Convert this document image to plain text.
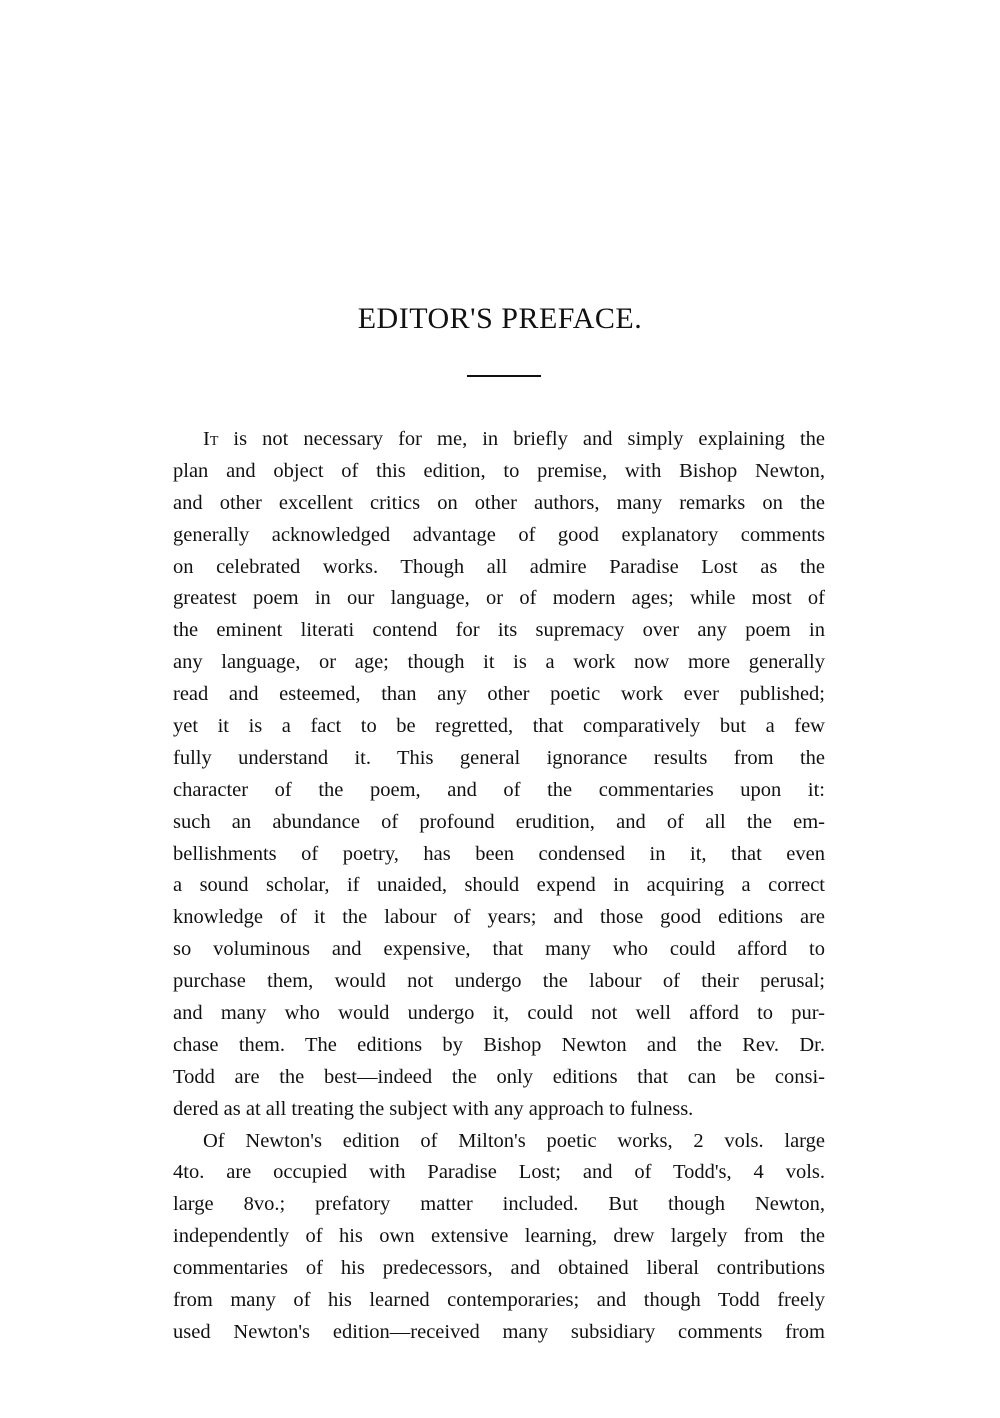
EDITOR'S PREFACE.
It is not necessary for me, in briefly and simply explaining the
plan and object of this edition, to premise, with Bishop Newton,
and other excellent critics on other authors, many remarks on the
generally acknowledged advantage of good explanatory comments
on celebrated works. Though all admire Paradise Lost as the
greatest poem in our language, or of modern ages; while most of
the eminent literati contend for its supremacy over any poem in
any language, or age; though it is a work now more generally
read and esteemed, than any other poetic work ever published;
yet it is a fact to be regretted, that comparatively but a few
fully understand it. This general ignorance results from the
character of the poem, and of the commentaries upon it:
such an abundance of profound erudition, and of all the em-
bellishments of poetry, has been condensed in it, that even
a sound scholar, if unaided, should expend in acquiring a correct
knowledge of it the labour of years; and those good editions are
so voluminous and expensive, that many who could afford to
purchase them, would not undergo the labour of their perusal;
and many who would undergo it, could not well afford to pur-
chase them. The editions by Bishop Newton and the Rev. Dr.
Todd are the best—indeed the only editions that can be consi-
dered as at all treating the subject with any approach to fulness.
Of Newton's edition of Milton's poetic works, 2 vols. large
4to. are occupied with Paradise Lost; and of Todd's, 4 vols.
large 8vo.; prefatory matter included. But though Newton,
independently of his own extensive learning, drew largely from the
commentaries of his predecessors, and obtained liberal contributions
from many of his learned contemporaries; and though Todd freely
used Newton's edition—received many subsidiary comments from
